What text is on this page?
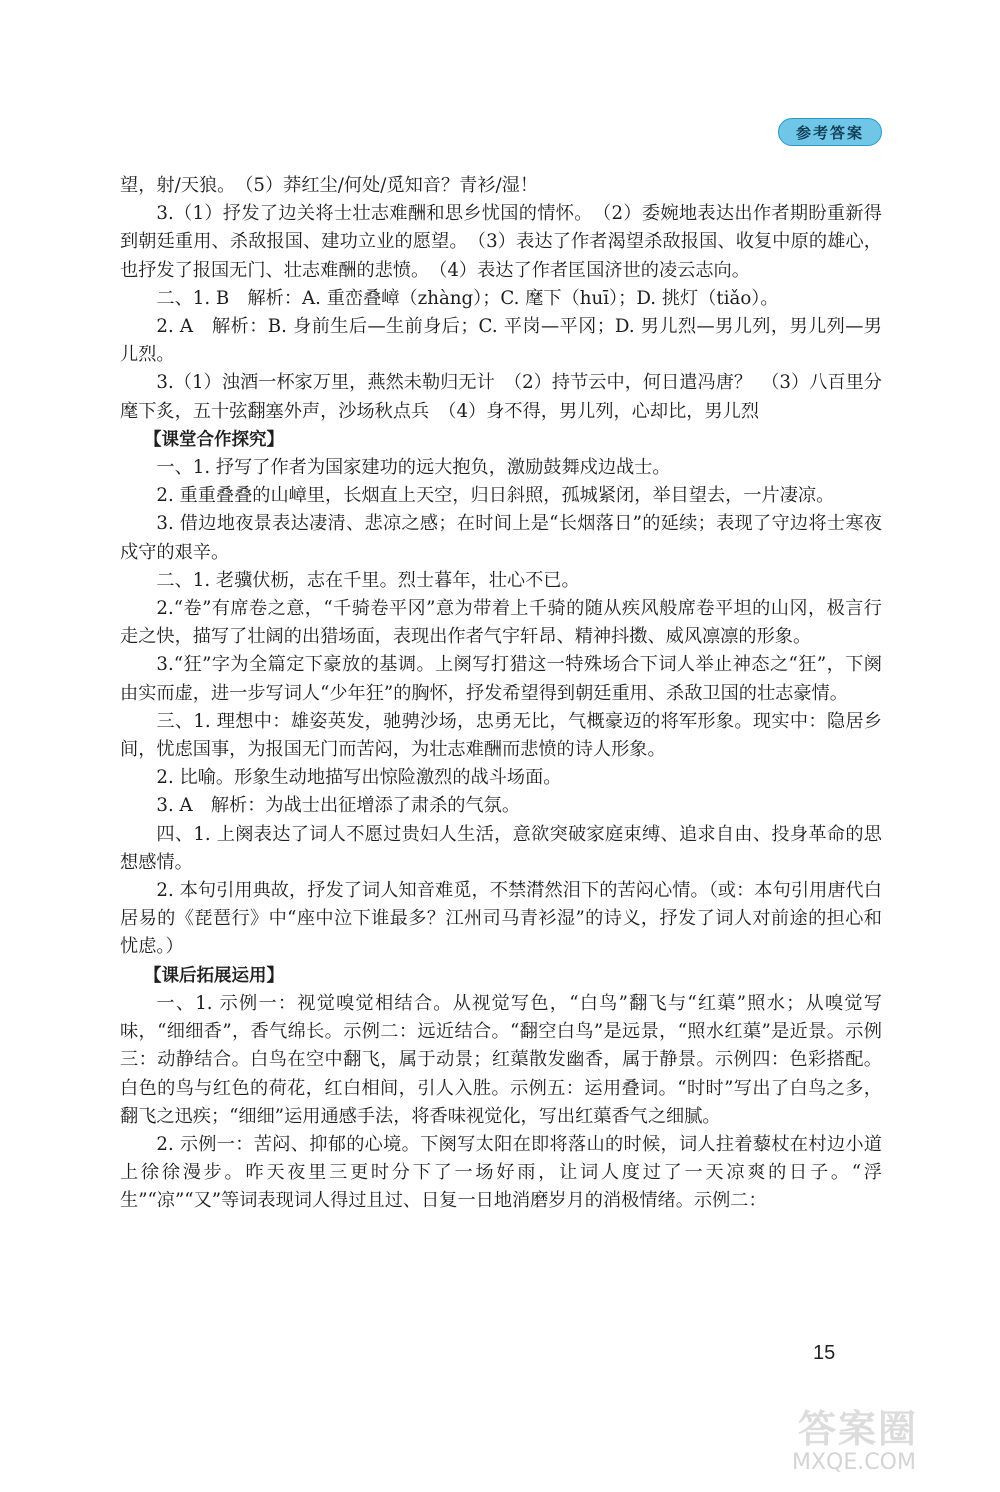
参考答案

望，射/天狼。　（5）莽红尘/何处/觅知音？青衫/湿！

3.（1）抒发了边关将士壮志难酬和思乡忧国的情怀。　（2）委婉地表达出作者期盼重新得到朝廷重用、杀敌报国、建功立业的愿望。　（3）表达了作者渴望杀敌报国、收复中原的雄心，也抒发了报国无门、壮志难酬的悲愤。　（4）表达了作者匡国济世的凌云志向。

二、1. B　解析：A. 重峦叠嶂（zhàng）；C. 麾下（huī）；D. 挑灯（tiǎo）。

2. A　解析：B. 身前生后—生前身后；C. 平岗—平冈；D. 男儿烈—男儿列，男儿列—男儿烈。

3.（1）浊酒一杯家万里，燕然未勒归无计　（2）持节云中，何日遣冯唐？　（3）八百里分麾下炙，五十弦翻塞外声，沙场秋点兵　（4）身不得，男儿列，心却比，男儿烈

【课堂合作探究】

一、1. 抒写了作者为国家建功的远大抱负，激励鼓舞戍边战士。

2. 重重叠叠的山嶂里，长烟直上天空，归日斜照，孤城紧闭，举目望去，一片凄凉。

3. 借边地夜景表达凄清、悲凉之感；在时间上是“长烟落日”的延续；表现了守边将士寒夜戍守的艰辛。

二、1. 老骥伏枥，志在千里。烈士暮年，壮心不已。

2.“卷”有席卷之意，“千骑卷平冈”意为带着上千骑的随从疾风般席卷平坦的山冈，极言行走之快，描写了壮阔的出猎场面，表现出作者气宇轩昂、精神抖擞、威风凛凛的形象。

3.“狂”字为全篇定下豪放的基调。上阕写打猎这一特殊场合下词人举止神态之“狂”，下阕由实而虚，进一步写词人“少年狂”的胸怀，抒发希望得到朝廷重用、杀敌卫国的壮志豪情。

三、1. 理想中：雄姿英发，驰骋沙场，忠勇无比，气概豪迈的将军形象。现实中：隐居乡间，忧虑国事，为报国无门而苦闷，为壮志难酬而悲愤的诗人形象。

2. 比喻。形象生动地描写出惊险激烈的战斗场面。

3. A　解析：为战士出征增添了肃杀的气氛。

四、1. 上阕表达了词人不愿过贵妇人生活，意欲突破家庭束缚、追求自由、投身革命的思想感情。

2. 本句引用典故，抒发了词人知音难觅，不禁潸然泪下的苦闷心情。（或：本句引用唐代白居易的《琵琶行》中“座中泣下谁最多？江州司马青衫湿”的诗义，抒发了词人对前途的担心和忧虑。）

【课后拓展运用】

一、1. 示例一：视觉嗅觉相结合。从视觉写色，“白鸟”翻飞与“红蕖”照水；从嗅觉写味，“细细香”，香气绵长。示例二：远近结合。“翻空白鸟”是远景，“照水红蕖”是近景。示例三：动静结合。白鸟在空中翻飞，属于动景；红蕖散发幽香，属于静景。示例四：色彩搭配。白色的鸟与红色的荷花，红白相间，引人入胜。示例五：运用叠词。“时时”写出了白鸟之多，翻飞之迅疾；“细细”运用通感手法，将香味视觉化，写出红蕖香气之细腻。

2. 示例一：苦闷、抑郁的心境。下阕写太阳在即将落山的时候，词人拄着藜杖在村边小道上徐徐漫步。昨天夜里三更时分下了一场好雨，让词人度过了一天凉爽的日子。“浮生”“凉”“又”等词表现词人得过且过、日复一日地消磨岁月的消极情绪。示例二：

15
答案圈
MXQE.COM
